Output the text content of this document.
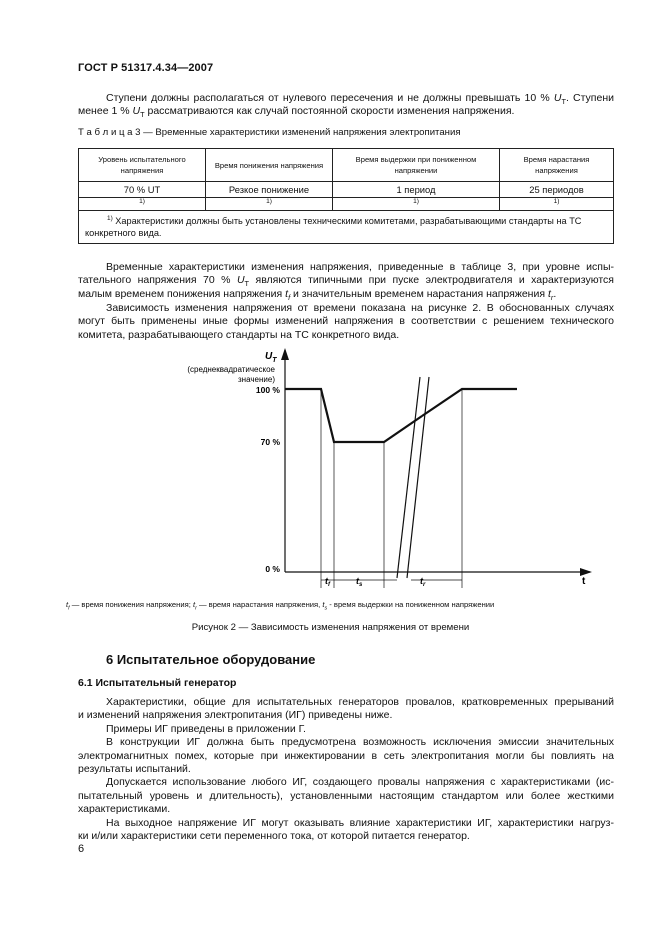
ГОСТ Р 51317.4.34—2007
Ступени должны располагаться от нулевого пересечения и не должны превышать 10 % $U_T$. Ступени
менее 1 % $U_T$ рассматриваются как случай постоянной скорости изменения напряжения.
Т а б л и ц а 3 — Временные характеристики изменений напряжения электропитания
Уровень испытательного напряжения	Время понижения напряжения	Время выдержки при пониженном напряжении	Время нарастания напряжения
70 % UT	Резкое понижение	1 период	25 периодов
1)	1)	1)	1)
$^{1)}$ Характеристики должны быть установлены техническими комитетами, разрабатывающими стандарты на ТС конкретного вида.			
Временные характеристики изменения напряжения, приведенные в таблице 3, при уровне испы-
тательного напряжения 70 % $U_T$ являются типичными при пуске электродвигателя и характеризуются
малым временем понижения напряжения $t_f$ и значительным временем нарастания напряжения $t_r$.
Зависимость изменения напряжения от времени показана на рисунке 2. В обоснованных случаях
могут быть применены иные формы изменений напряжения в соответствии с решением технического
комитета, разрабатывающего стандарты на ТС конкретного вида.
$U_T$
(среднеквадратическое
значение)
100 %
70 %
0 %
$t_f$	$t_s$	$t_r$	t
$t_f$ — время понижения напряжения; $t_r$ — время нарастания напряжения, $t_s$ - время выдержки на пониженном напряжении
Рисунок 2 — Зависимость изменения напряжения от времени
6 Испытательное оборудование
6.1 Испытательный генератор
Характеристики, общие для испытательных генераторов провалов, кратковременных прерываний
и изменений напряжения электропитания (ИГ) приведены ниже.
Примеры ИГ приведены в приложении Г.
В конструкции ИГ должна быть предусмотрена возможность исключения эмиссии значительных
электромагнитных помех, которые при инжектировании в сеть электропитания могли бы повлиять на
результаты испытаний.
Допускается использование любого ИГ, создающего провалы напряжения с характеристиками (ис-
пытательный уровень и длительность), установленными настоящим стандартом или более жесткими
характеристиками.
На выходное напряжение ИГ могут оказывать влияние характеристики ИГ, характеристики нагруз-
ки и/или характеристики сети переменного тока, от которой питается генератор.
6
